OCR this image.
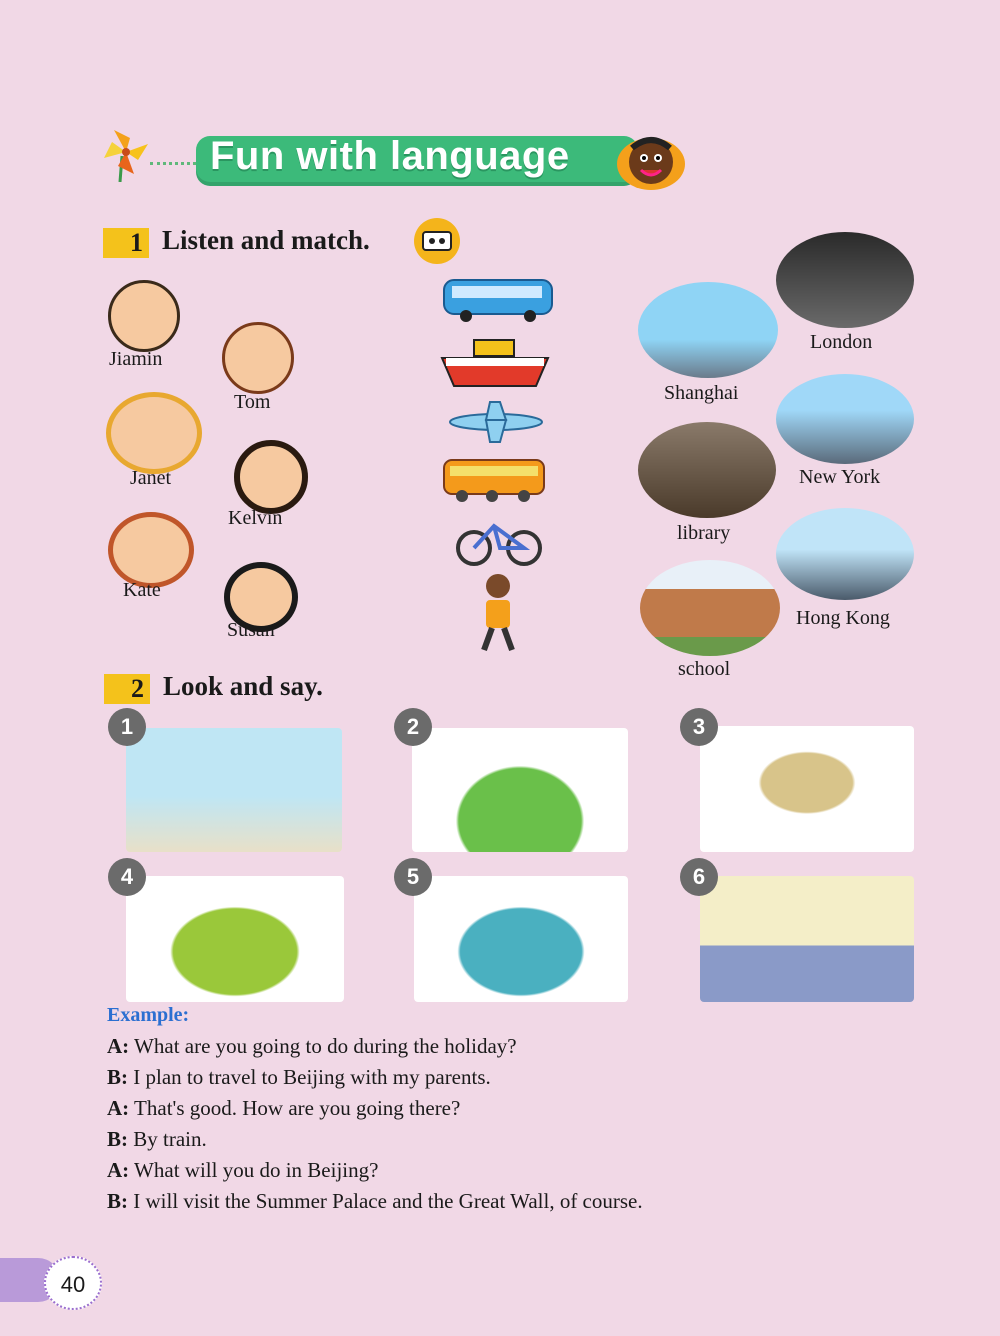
Fun with language
1 Listen and match.
Jiamin
Tom
Janet
Kelvin
Kate
Susan
London
Shanghai
New York
library
Hong Kong
school
2 Look and say.
1	2	3
4	5	6
Example:
A: What are you going to do during the holiday?
B: I plan to travel to Beijing with my parents.
A: That's good. How are you going there?
B: By train.
A: What will you do in Beijing?
B: I will visit the Summer Palace and the Great Wall, of course.
40
